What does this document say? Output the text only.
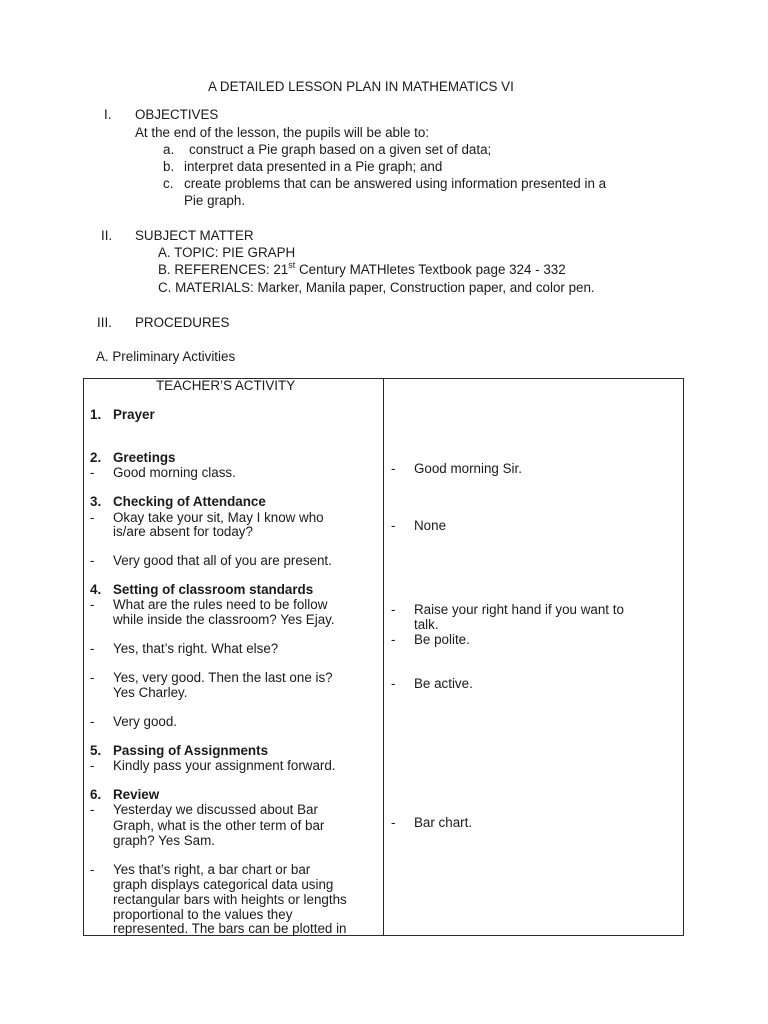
A DETAILED LESSON PLAN IN MATHEMATICS VI
I. OBJECTIVES
At the end of the lesson, the pupils will be able to:
a. construct a Pie graph based on a given set of data;
b. interpret data presented in a Pie graph; and
c. create problems that can be answered using information presented in a
Pie graph.
II. SUBJECT MATTER
A. TOPIC: PIE GRAPH
B. REFERENCES: 21st Century MATHletes Textbook page 324 - 332
C. MATERIALS: Marker, Manila paper, Construction paper, and color pen.
III. PROCEDURES
A. Preliminary Activities
TEACHER’S ACTIVITY
1. Prayer
2. Greetings
- Good morning class.
3. Checking of Attendance
- Okay take your sit, May I know who
is/are absent for today?
- Very good that all of you are present.
4. Setting of classroom standards
- What are the rules need to be follow
while inside the classroom? Yes Ejay.
- Yes, that’s right. What else?
- Yes, very good. Then the last one is?
Yes Charley.
- Very good.
5. Passing of Assignments
- Kindly pass your assignment forward.
6. Review
- Yesterday we discussed about Bar
Graph, what is the other term of bar
graph? Yes Sam.
- Yes that’s right, a bar chart or bar
graph displays categorical data using
rectangular bars with heights or lengths
proportional to the values they
represented. The bars can be plotted in
- Good morning Sir.
- None
- Raise your right hand if you want to
talk.
- Be polite.
- Be active.
- Bar chart.
